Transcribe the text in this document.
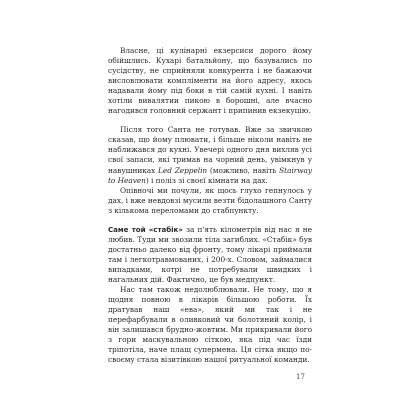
Власне, ці кулінарні екзерсиси дорого йому обійшлись. Кухарі батальйону, що базувались по сусідству, не сприйняли конкурента і не бажаючи висловлювати компліменти на його адресу, якось надавали йому під боки в тій самій кухні. І навіть хотіли вивалятии пикою в борошні, але вчасно нагодився головний сержант і припинив екзекуцію.

Після того Санта не готував. Вже за звичкою сказав, що йому плювати, і більше ніколи навіть не наближався до кухні. Увечері одного дня вихляв усі свої запаси, які тримав на чорний день, увімкнув у навушниках Led Zeppelin (можливо, навіть Stairway to Heaven) і поліз зі своєї кімнати на дах.

Опівночі ми почули, як щось глухо гепнулось у дах, і вже невдовзі мусили везти бідолашного Санту з кількома переломами до стабпункту.

Саме той «стабік» за п'ять кілометрів від нас я не любив. Туди ми звозили тіла загиблих. «Стабік» був достатньо далеко від фронту, тому лікарі приймали там і легкотравмованих, і 200-х. Словом, займалися випадками, котрі не потребували швидких і нагальних дій. Фактично, це був медпункт.

Нас там також недолюблювали. Не тому, що я щодня повною в лікарів більшою роботи. Їх дратував наш «ева», який ми так і не перефарбували в оливковий чи болотяний колір, і він залишався брудно-жовтим. Ми прикривали його з гори маскувальною сіткою, яка під час їзди тріпотіла, наче плащ супермена. Ця сітка якщо по-своєму стала візитівкою нашої ритуальної команди.

17
